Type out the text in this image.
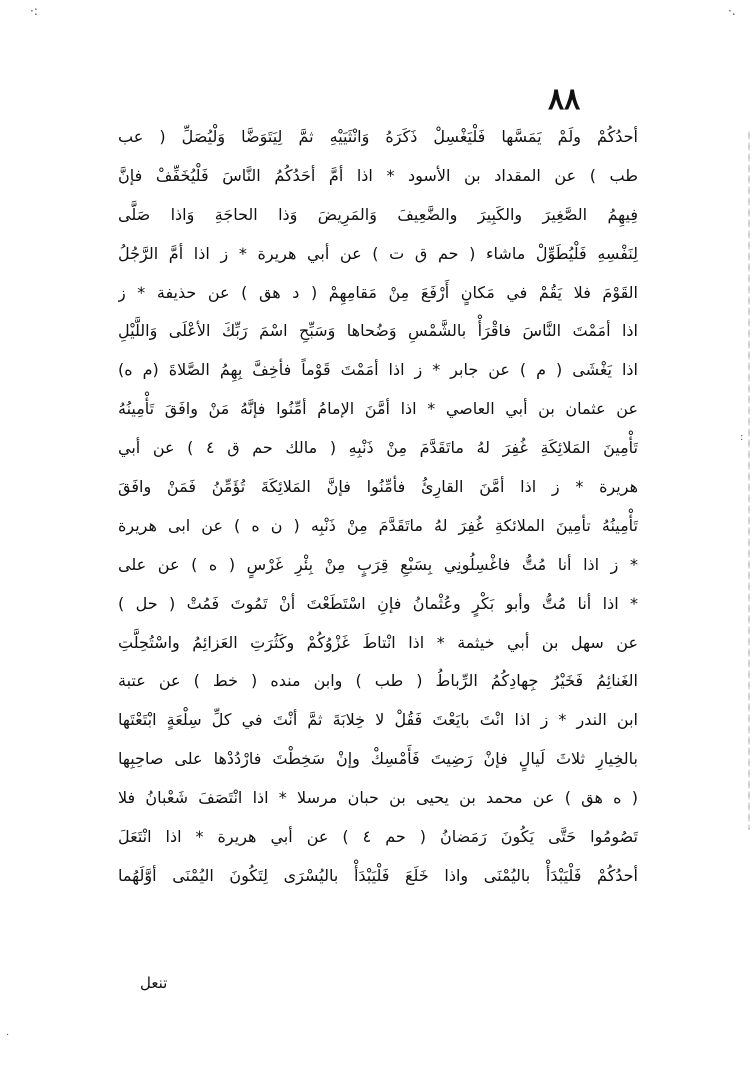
·:	·.
:
·
٨٨
أحدُكُمْ ولَمْ يَمَسَّها فَلْيَغْسِلْ ذَكَرَهُ وَانْثَيَيْهِ ثمَّ لِيَتَوَضَّا وَلْيُصَلِّ ( عب
طب ) عن المقداد بن الأسود * اذا أمَّ أحَدُكُمُ النَّاسَ فَلْيُخَفِّفْ فإنَّ
فِيهِمُ الصَّغِيرَ والكَبِيرَ والضَّعِيفَ وَالمَرِيضَ وَذا الحاجَةِ وَاذا صَلَّى
لِنَفْسِهِ فَلْيُطَوِّلْ ماشاء ( حم ق ت ) عن أبي هريرة * ز اذا أمَّ الرَّجُلُ
القَوْمَ فلا يَقُمْ في مَكانٍ أَرْفَعَ مِنْ مَقامِهِمْ ( د هق ) عن حذيفة * ز
اذا أمَمْتَ النَّاسَ فاقْرَأْ بالشَّمْسِ وَضُحاها وَسَبِّحِ اسْمَ رَبِّكَ الأعْلَى وَاللَّيْلِ
اذا يَغْشَى ( م ) عن جابر * ز اذا أمَمْتَ قَوْماً فأخِفَّ بِهِمُ الصَّلاةَ (م ه)
عن عثمان بن أبي العاصي * اذا أمَّنَ الإمامُ أمِّنُوا فإنَّهُ مَنْ وافَقَ تَأْمِينُهُ
تَأْمِينَ المَلائِكَةِ غُفِرَ لهُ ماتَقَدَّمَ مِنْ ذَنْبِهِ ( مالك حم ق ٤ ) عن أبي
هريرة * ز اذا أمَّنَ القارِئُ فأمِّنُوا فإنَّ المَلائِكَةَ تُؤَمِّنُ فَمَنْ وافَقَ
تَأْمِينُهُ تأمِينَ الملائكةِ غُفِرَ لهُ ماتَقَدَّمَ مِنْ ذَنْبِه ( ن ه ) عن ابى هريرة
* ز اذا أنا مُتُّ فاغْسِلُونِي بِسَبْعِ قِرَبٍ مِنْ بِئْرِ غَرْسٍ ( ه ) عن على
* اذا أنا مُتُّ وأبو بَكْرٍ وعُثْمانُ فإنِ اسْتَطَعْتَ أنْ تَمُوتَ فَمُتْ ( حل )
عن سهل بن أبي خيثمة * اذا انْتاطَ غَزْوُكُمْ وكَثُرَتِ العَزائِمُ واسْتُحِلَّتِ
الغَنائِمُ فَخَيْرُ جِهادِكُمُ الرِّباطُ ( طب ) وابن منده ( خط ) عن عتبة
ابن الندر * ز اذا انْتَ بايَعْتَ فَقُلْ لا خِلابَةَ ثمَّ أنْتَ في كلِّ سِلْعَةٍ ابْتَعْتَها
بالخِيارِ ثلاثَ لَيالٍ فإنْ رَضِيتَ فَأَمْسِكْ وإنْ سَخِطْتَ فارْدُدْها على صاحِبِها
( ه هق ) عن محمد بن يحيى بن حبان مرسلا * اذا انْتَصَفَ شَعْبانُ فلا
تَصُومُوا حَتَّى يَكُونَ رَمَضانُ ( حم ٤ ) عن أبي هريرة * اذا انْتَعَلَ
أحدُكُمْ فَلْيَبْدَأْ باليُمْنَى واذا خَلَعَ فَلْيَبْدَأْ باليُسْرَى لِتَكُونَ اليُمْنَى أوَّلَهُما
تنعل
